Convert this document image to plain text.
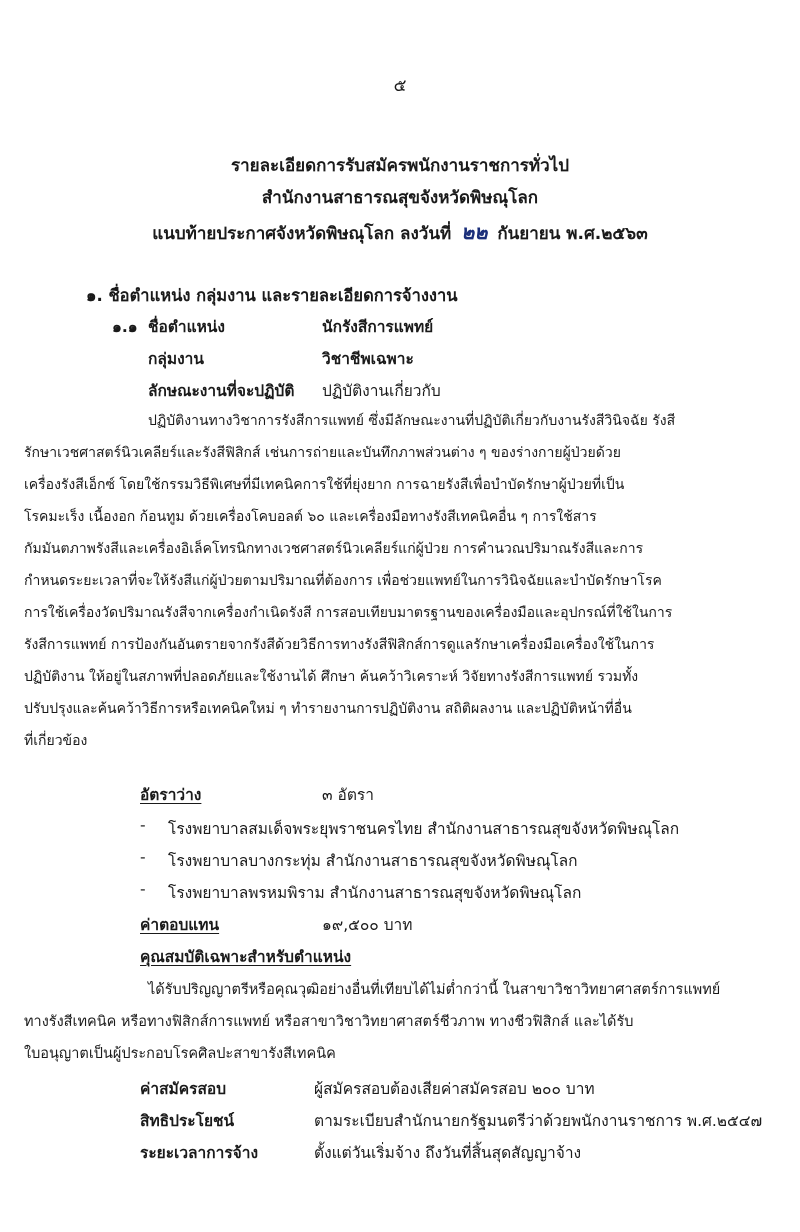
๕
รายละเอียดการรับสมัครพนักงานราชการทั่วไป
สำนักงานสาธารณสุขจังหวัดพิษณุโลก
แนบท้ายประกาศจังหวัดพิษณุโลก ลงวันที่ ๒๒ กันยายน พ.ศ.๒๕๖๓
๑. ชื่อตำแหน่ง กลุ่มงาน และรายละเอียดการจ้างงาน
๑.๑ ชื่อตำแหน่ง	นักรังสีการแพทย์
กลุ่มงาน	วิชาชีพเฉพาะ
ลักษณะงานที่จะปฏิบัติ ปฏิบัติงานเกี่ยวกับ
ปฏิบัติงานทางวิชาการรังสีการแพทย์ ซึ่งมีลักษณะงานที่ปฏิบัติเกี่ยวกับงานรังสีวินิจฉัย รังสี
รักษาเวชศาสตร์นิวเคลียร์และรังสีฟิสิกส์ เช่นการถ่ายและบันทึกภาพส่วนต่าง ๆ ของร่างกายผู้ป่วยด้วย
เครื่องรังสีเอ็กซ์ โดยใช้กรรมวิธีพิเศษที่มีเทคนิคการใช้ที่ยุ่งยาก การฉายรังสีเพื่อบำบัดรักษาผู้ป่วยที่เป็น
โรคมะเร็ง เนื้องอก ก้อนทูม ด้วยเครื่องโคบอลต์ ๖๐ และเครื่องมือทางรังสีเทคนิคอื่น ๆ การใช้สาร
กัมมันตภาพรังสีและเครื่องอิเล็คโทรนิกทางเวชศาสตร์นิวเคลียร์แก่ผู้ป่วย การคำนวณปริมาณรังสีและการ
กำหนดระยะเวลาที่จะให้รังสีแก่ผู้ป่วยตามปริมาณที่ต้องการ เพื่อช่วยแพทย์ในการวินิจฉัยและบำบัดรักษาโรค
การใช้เครื่องวัดปริมาณรังสีจากเครื่องกำเนิดรังสี การสอบเทียบมาตรฐานของเครื่องมือและอุปกรณ์ที่ใช้ในการ
รังสีการแพทย์ การป้องกันอันตรายจากรังสีด้วยวิธีการทางรังสีฟิสิกส์การดูแลรักษาเครื่องมือเครื่องใช้ในการ
ปฏิบัติงาน ให้อยู่ในสภาพที่ปลอดภัยและใช้งานได้ ศึกษา ค้นคว้าวิเคราะห์ วิจัยทางรังสีการแพทย์ รวมทั้ง
ปรับปรุงและค้นคว้าวิธีการหรือเทคนิคใหม่ ๆ ทำรายงานการปฏิบัติงาน สถิติผลงาน และปฏิบัติหน้าที่อื่น
ที่เกี่ยวข้อง
อัตราว่าง	๓ อัตรา
- โรงพยาบาลสมเด็จพระยุพราชนครไทย สำนักงานสาธารณสุขจังหวัดพิษณุโลก
- โรงพยาบาลบางกระทุ่ม สำนักงานสาธารณสุขจังหวัดพิษณุโลก
- โรงพยาบาลพรหมพิราม สำนักงานสาธารณสุขจังหวัดพิษณุโลก
ค่าตอบแทน	๑๙,๕๐๐ บาท
คุณสมบัติเฉพาะสำหรับตำแหน่ง
ได้รับปริญญาตรีหรือคุณวุฒิอย่างอื่นที่เทียบได้ไม่ต่ำกว่านี้ ในสาขาวิชาวิทยาศาสตร์การแพทย์
ทางรังสีเทคนิค หรือทางฟิสิกส์การแพทย์ หรือสาขาวิชาวิทยาศาสตร์ชีวภาพ ทางชีวฟิสิกส์ และได้รับ
ใบอนุญาตเป็นผู้ประกอบโรคศิลปะสาขารังสีเทคนิค
ค่าสมัครสอบ	ผู้สมัครสอบต้องเสียค่าสมัครสอบ ๒๐๐ บาท
สิทธิประโยชน์	ตามระเบียบสำนักนายกรัฐมนตรีว่าด้วยพนักงานราชการ พ.ศ.๒๕๔๗
ระยะเวลาการจ้าง	ตั้งแต่วันเริ่มจ้าง ถึงวันที่สิ้นสุดสัญญาจ้าง
